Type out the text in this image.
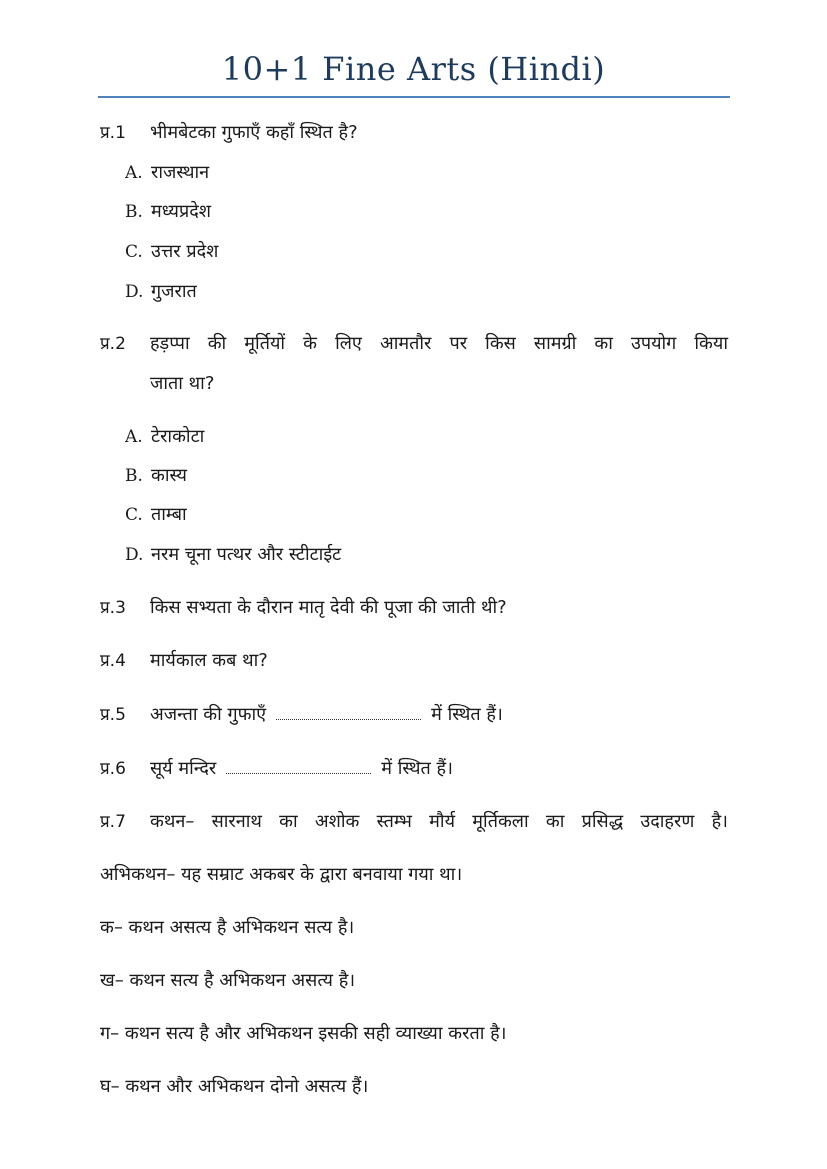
10+1 Fine Arts (Hindi)
प्र.1 भीमबेटका गुफाएँ कहाँ स्थित है?
A. राजस्थान
B. मध्यप्रदेश
C. उत्तर प्रदेश
D. गुजरात
प्र.2 हड़प्पा की मूर्तियों के लिए आमतौर पर किस सामग्री का उपयोग किया
जाता था?
A. टेराकोटा
B. कास्य
C. ताम्बा
D. नरम चूना पत्थर और स्टीटाईट
प्र.3 किस सभ्यता के दौरान मातृ देवी की पूजा की जाती थी?
प्र.4 मार्यकाल कब था?
प्र.5 अजन्ता की गुफाएँ	में स्थित हैं।
प्र.6 सूर्य मन्दिर	में स्थित हैं।
प्र.7 कथन– सारनाथ का अशोक स्तम्भ मौर्य मूर्तिकला का प्रसिद्ध उदाहरण है।
अभिकथन– यह सम्राट अकबर के द्वारा बनवाया गया था।
क– कथन असत्य है अभिकथन सत्य है।
ख– कथन सत्य है अभिकथन असत्य है।
ग– कथन सत्य है और अभिकथन इसकी सही व्याख्या करता है।
घ– कथन और अभिकथन दोनो असत्य हैं।
